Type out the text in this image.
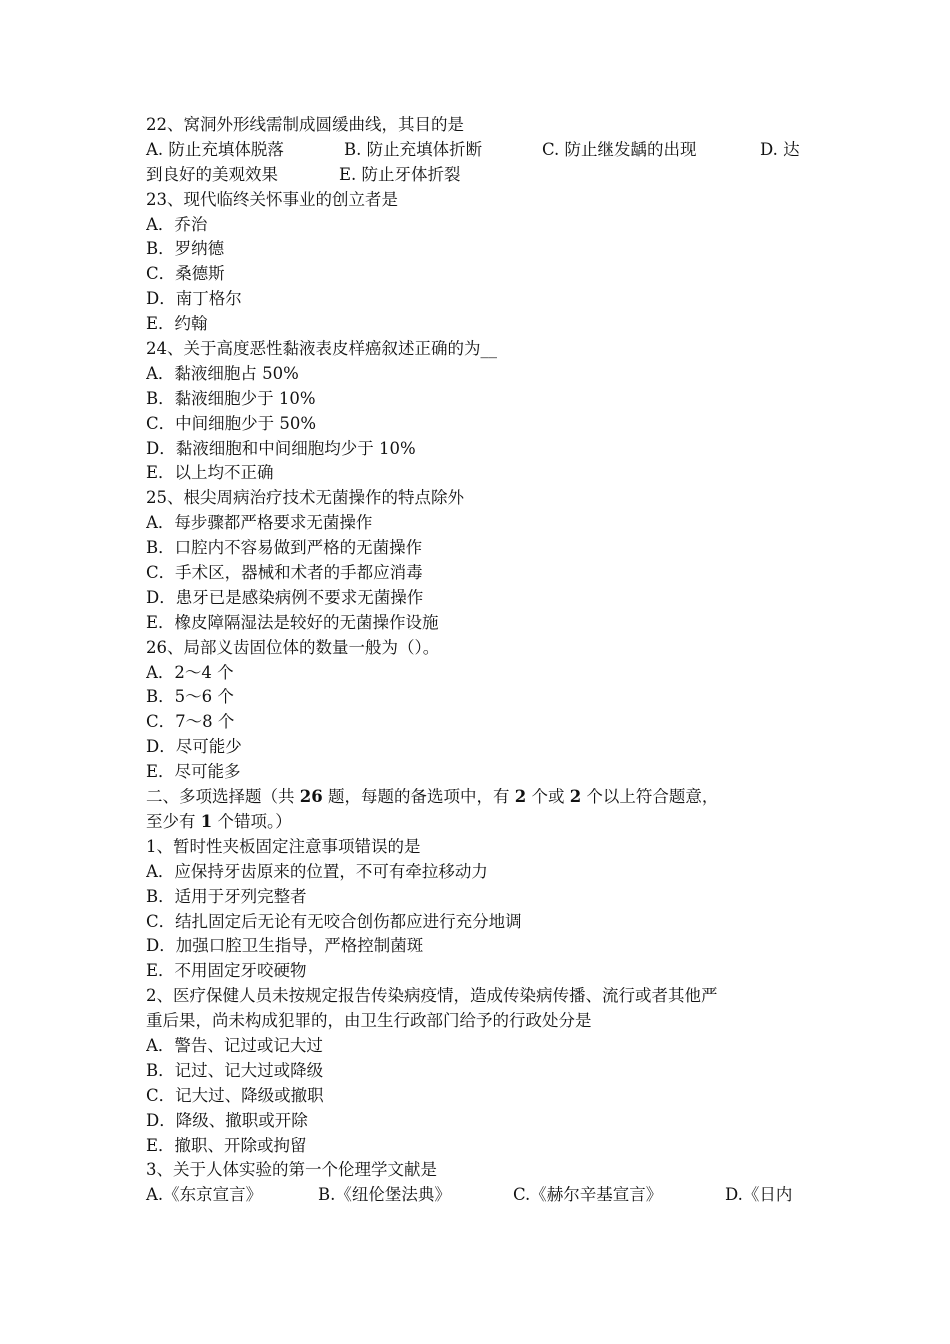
22、窝洞外形线需制成圆缓曲线，其目的是
A. 防止充填体脱落	B. 防止充填体折断	C. 防止继发龋的出现	D. 达
到良好的美观效果	E. 防止牙体折裂
23、现代临终关怀事业的创立者是
A．乔治
B．罗纳德
C．桑德斯
D．南丁格尔
E．约翰
24、关于高度恶性黏液表皮样癌叙述正确的为__
A．黏液细胞占 50%
B．黏液细胞少于 10%
C．中间细胞少于 50%
D．黏液细胞和中间细胞均少于 10%
E．以上均不正确
25、根尖周病治疗技术无菌操作的特点除外
A．每步骤都严格要求无菌操作
B．口腔内不容易做到严格的无菌操作
C．手术区，器械和术者的手都应消毒
D．患牙已是感染病例不要求无菌操作
E．橡皮障隔湿法是较好的无菌操作设施
26、局部义齿固位体的数量一般为（）。
A．2～4 个
B．5～6 个
C．7～8 个
D．尽可能少
E．尽可能多
二、多项选择题（共 26 题，每题的备选项中，有 2 个或 2 个以上符合题意，
至少有 1 个错项。）
1、暂时性夹板固定注意事项错误的是
A．应保持牙齿原来的位置，不可有牵拉移动力
B．适用于牙列完整者
C．结扎固定后无论有无咬合创伤都应进行充分地调
D．加强口腔卫生指导，严格控制菌斑
E．不用固定牙咬硬物
2、医疗保健人员未按规定报告传染病疫情，造成传染病传播、流行或者其他严
重后果，尚未构成犯罪的，由卫生行政部门给予的行政处分是
A．警告、记过或记大过
B．记过、记大过或降级
C．记大过、降级或撤职
D．降级、撤职或开除
E．撤职、开除或拘留
3、关于人体实验的第一个伦理学文献是
A.《东京宣言》	B.《纽伦堡法典》	C.《赫尔辛基宣言》	D.《日内
